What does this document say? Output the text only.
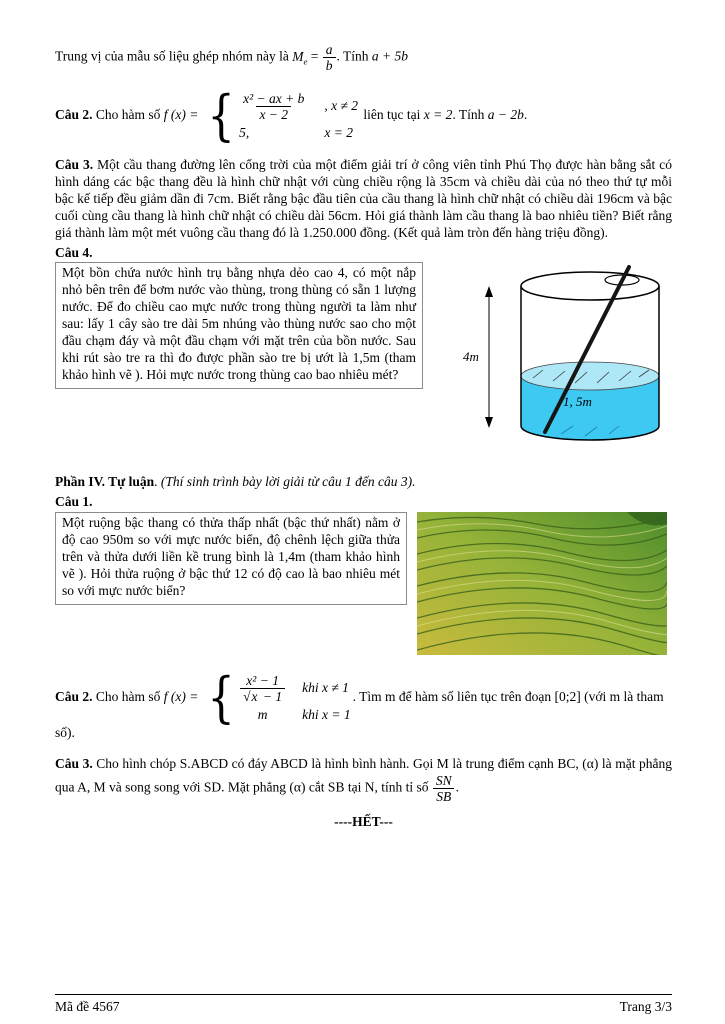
Trung vị của mẫu số liệu ghép nhóm này là $M_e = \frac{a}{b}$ . Tính a + 5b
Câu 2. Cho hàm số f (x) = { $\frac{\text{x² − ax + b}}{x - 2}$ , x ≠ 2
5,	x = 2
liên tục tại x = 2. Tính a − 2b.

Câu 3. Một cầu thang đường lên cổng trời của một điểm giải trí ở công viên tỉnh Phú Thọ được hàn bằng sắt có hình dáng các bậc thang đều là hình chữ nhật với cùng chiều rộng là 35cm và chiều dài của nó theo thứ tự mỗi bậc kế tiếp đều giảm dần đi 7cm. Biết rằng bậc đầu tiên của cầu thang là hình chữ nhật có chiều dài 196cm và bậc cuối cùng cầu thang là hình chữ nhật có chiều dài 56cm. Hỏi giá thành làm cầu thang là bao nhiêu tiền? Biết rằng giá thành làm một mét vuông cầu thang đó là 1.250.000 đồng. (Kết quả làm tròn đến hàng triệu đồng).

Câu 4.

Một bồn chứa nước hình trụ bằng nhựa dẻo cao 4, có một nắp nhỏ bên trên để bơm nước vào thùng, trong thùng có sẵn 1 lượng nước. Để đo chiều cao mực nước trong thùng người ta làm như sau: lấy 1 cây sào tre dài 5m nhúng vào thùng nước sao cho một đầu chạm đáy và một đầu chạm với mặt trên của bồn nước. Sau khi rút sào tre ra thì đo được phần sào tre bị ướt là 1,5m (tham khảo hình vẽ ). Hỏi mực nước trong thùng cao bao nhiêu mét?
4m
1, 5m

Phần IV. Tự luận. (Thí sinh trình bày lời giải từ câu 1 đến câu 3).

Câu 1.

Một ruộng bậc thang có thửa thấp nhất (bậc thứ nhất) nằm ở độ cao 950m so với mực nước biển, độ chênh lệch giữa thửa trên và thửa dưới liền kề trung bình là 1,4m (tham khảo hình vẽ ). Hỏi thửa ruộng ở bậc thứ 12 có độ cao là bao nhiêu mét so với mực nước biển?
Câu 2. Cho hàm số f (x) = { $\frac{\text{x² − 1}}{√x - 1}$ khi x ≠ 1
m	khi x = 1
. Tìm m để hàm số liên tục trên đoạn [0;2] (với m là tham số).

Câu 3. Cho hình chóp S.ABCD có đáy ABCD là hình bình hành. Gọi M là trung điểm cạnh BC, (α) là mặt phẳng qua A, M và song song với SD. Mặt phẳng (α) cắt SB tại N, tính tỉ số $\frac{SN}{SB}$ .

----HẾT---

Mã đề 4567	Trang 3/3
